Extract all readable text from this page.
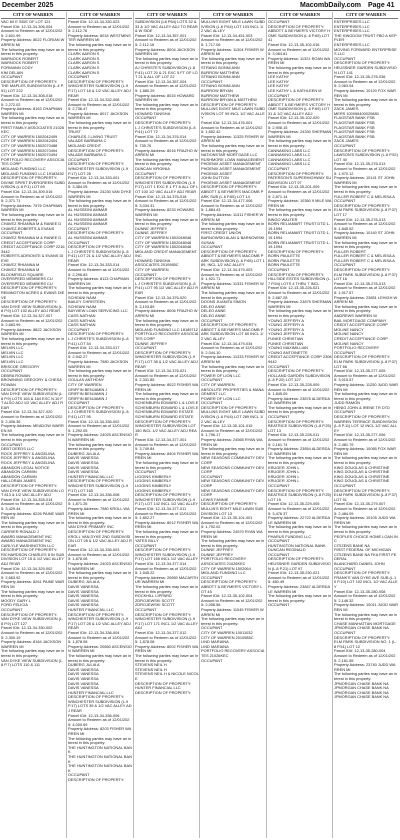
December 2025	MacombDaily.com Page 41
CITY OF WARREN
VAC 60 E SIDE OF LOT 121
Parcel ID#: 12-13-34-306-004
Amount to Redeem as of 12/01/2025: 2,601.99
Property Address: 8022 FLORIAN WARREN MI
The following parties may have an interest in this property:
WARNOCK ROBERT
WARNOCK ROBERT
FORMANN CODY
KIM DELAIN
OCCUPANT
DESCRIPTION OF PROPERTY:
THE MAPLES SUBDIVISION (L.4 P.51) LOT 222
Parcel ID#: 12-13-34-308-018
Amount to Redeem as of 12/01/2025: 2,272.02
Property Address: 8163 CHAPMAN WARREN MI
The following parties may have an interest in this property:
FIRST FAMILY ASSOCIATES 21026KEC
CITY OF WARREN 1502042409
CITY OF WARREN 1502042404
CITY OF WARREN 1502070488
CITY OF WARREN 1502070494
CITY OF WARREN 1502070494
PORTFOLIO RECOVERY ASSOCIATES CORP
MIDLAND FUNDING LLC
MIDLAND FUNDING LLC 19183452
DESCRIPTION OF PROPERTY:
DIVINE SPIRIT EVERGREEN SUBDIVISION (L.6 P.1) LOT 69
Parcel ID#: 12-13-34-309-016
Amount to Redeem as of 12/01/2025: 2,371.71
Property Address: 7976 CHAPMAN WARREN MI
The following parties may have an interest in this property:
CHAVEZ RHIANNA M & RANEE D CHAVEZ-ROBERTS & EVANS
OCCUPANT
CHAVEZ RHIANNA M & RANEE D CREDIT ACCEPTANCE CORP
CREDIT ACCEPTANCE CORP 22163442
ROBERTS ADRIONTE & EVANS DIEVE
CHAVEZ RHIANNA M
CHAVEZ RHIANNA M
BLOOMFIELD SQUARE
OVERSPEED MEMBERS CU
OVERSPEED MEMBERS CU
DESCRIPTION OF PROPERTY:
REMINGTON ACRES & EVANS DIEVE
DESCRIPTION OF PROPERTY:
VAN DYKE VIEW SUBDIVISION (L.8 P.9) LOT 102 ALLEY ADJ REAR
Parcel ID#: 12-13-34-327-007
Amount to Redeem as of 12/01/2025: 2,683.99
Property Address: 8822 JACKSON WARREN MI
The following parties may have an interest in this property:
MELVIN LLC
MELVIN LLC
MELVIN LLC
MELVIN LLC
BRISCOE GREGORY
OCCUPANT
DEBRA ROWAN
BROWNING GREGORY & CHESA
ROWAN
DESCRIPTION OF PROPERTY:
VAN DYKE VIEW SUBDIVISION (L.8 P.9) LOTS 163 & 164 EXC N.10 FT ALSO ADJ 1/2 VAC ALLEY ADJ REAR
Parcel ID#: 12-13-34-327-020
Amount to Redeem as of 12/01/2025: 2,406.36
Property Address: MEADOW WARREN MI
The following parties may have an interest in this property:
OCCUPANT
DEBT DEEDS LLC
ROCK JEFFREY & ANGELINA
ROCK JEFFREY & ANGELINA
ROCK JEFFREY & ANGELINA
ABANDON LEGAL NOTICE
ABANDON CARMIN
ABANDON CARMIN
HALLORAN JAMES
DESCRIPTION OF PROPERTY:
VAN DYKE VIEW SUBDIVISION LOT 813 & 1/2 VAC ALLEY ADJ
Parcel ID#: 12-13-34-328-014
Amount to Redeem as of 12/01/2025: 3,429.44
Property Address: 8226 PAINE WARREN MI
The following parties may have an interest in this property:
CARRIER RONALD J
AWARD MANAGEMENT INC
AWARD MANAGEMENT INC
CARLYLE WASHINGTON LLC
DESCRIPTION OF PROPERTY:
RICHARDSON CHARLES 8 IN SUBDIVISION LOT 15 & 1/2 VAC ALLEY ADJ REAR
Parcel ID#: 12-13-34-329-002
Amount to Redeem as of 12/01/2025: 2,663.92
Property Address: 8261 PAINE WARREN MI
The following parties may have an interest in this property:
MOODY GARY L
FORD FELICIA
OCCUPANT
DESCRIPTION OF PROPERTY:
VAN DYKE VIEW SUBDIVISION (L.8 P.9) LOT 127
Parcel ID#: 12-13-34-330-002
Amount to Redeem as of 12/01/2025: 2,300.19
Property Address: 8164 JACKSON WARREN MI
The following parties may have an interest in this property:
VAN DYKE VIEW SUBDIVISION (L.8 P.7) LOTS 110 & 111
CITY OF WARREN
Parcel ID#: 12-13-34-330-023
Amount to Redeem as of 12/01/2025: 2,112.76
Property Address: 8034 WESTMINSTER WARREN MI
The following parties may have an interest in this property:
CLARK AARON S
CLARK AARON S
CLARK AARON S
CLARK AARON S
CLARK AARON S
OCCUPANT
DESCRIPTION OF PROPERTY:
WINCHESTER SUBDIVISION (L.9 P.17) LOT 18 & 1/2 VAC ALLEY ADJ REAR
Parcel ID#: 12-13-34-332-008
Amount to Redeem as of 12/01/2025: 2,736.47
Property Address: 8017 JACKSON WARREN MI
The following parties may have an interest in this property:
TRUST
CHARLES J LIVING TRUST
VALADE BARBARA C
MIDLAND CREDIT
DESCRIPTION OF PROPERTY:
VALADE BARBARA C
OCCUPANT
DESCRIPTION OF PROPERTY:
WINCHESTER SUBDIVISION (L.9 P.17) LOT 28
Parcel ID#: 12-13-34-333-001
Amount to Redeem as of 12/01/2025: 3,384.05
Property Address: 24230 VAN DYKE WARREN MI
The following parties may have an interest in this property:
AL HUSSEINI AMMAR
AL HUSSEINI AMMAR
AL HUSSEINI AMMAR
AL HUSSEINI AMMAR
OCCUPANT
DESCRIPTION OF PROPERTY:
AL HUSSEINI AMMAR
OCCUPANT
DESCRIPTION OF PROPERTY:
L J CHRISTE'S SUBDIVISION (L.8 P.41) LOT 21 & 1/2 VAC ALLEY ADJ REAR
Parcel ID#: 12-13-34-333-014
Amount to Redeem as of 12/01/2025: 2,296.83
Property Address: 8113 CHAPMAN WARREN MI
The following parties may have an interest in this property:
SCHEANI NAIM
BAILEY CHRISTEEN
SCHEANI NAIM
BAYVIEW LOAN SERVICING LLC
CASS NATHAN
CASS NATHAN
CASS NATHAN
OCCUPANT
DESCRIPTION OF PROPERTY:
L J CHRISTE'S SUBDIVISION (L.8 P.41) LOT 54
Parcel ID#: 12-13-34-333-017
Amount to Redeem as of 12/01/2025: 2,942.27
Property Address: 7980 JACKSON WARREN MI
The following parties may have an interest in this property:
GOULAS ANTHONY
CITY OF WARREN
GRIFFIN BENJAMIN J
GRIFFIN BENJAMIN J
GRIFFIN BENJAMIN J
OCCUPANT
DESCRIPTION OF PROPERTY:
L J CHRISTE'S SUBDIVISION (L.8 P.41) LOT 95
Parcel ID#: 12-13-34-336-002
Amount to Redeem as of 12/01/2025: 1,292.05
Property Address: 24025 ASCENSION WARREN MI
The following parties may have an interest in this property:
DUBERG JULIA A
DAVIS VANESSA
DAVIS VANESSA
DAVIS VANESSA
DAVIS VANESSA
HUNTER FINANCIAL LLC
DESCRIPTION OF PROPERTY:
WINCHESTER SUBDIVISION (L.9 P.17) LOT 165
Parcel ID#: 12-13-34-336-008
Amount to Redeem as of 12/01/2025: 1,871.26
Property Address: 7980 KROLL WARREN MI
The following parties may have an interest in this property:
VAN DYKE PRIMARY INC
DESCRIPTION OF PROPERTY:
KROLL VAN DYKE 2ND SUBDIVISION LOT 28 & 1/2 VAC ALLEY ADJ REAR
Parcel ID#: 12-13-34-336-003
Amount to Redeem as of 12/01/2025: 1,878.08
Property Address: 24023 ASCENSION WARREN MI
The following parties may have an interest in this property:
DUBERG JULIA A
DAVIS VANESSA
DAVIS VANESSA
DAVIS VANESSA
DAVIS VANESSA
DAVIS VANESSA
HUNTER FINANCIAL LLC
DESCRIPTION OF PROPERTY:
WINCHESTER SUBDIVISION (L.9 P.17) LOT 28 & 1/2 VAC ALLEY ADJ REAR
Parcel ID#: 12-13-34-336-004
Amount to Redeem as of 12/01/2025: 1,878.08
Property Address: 20650 ASCENSION WARREN MI
The following parties may have an interest in this property:
DUBERG JULIA A
DAVIS VANESSA
DAVIS VANESSA
DAVIS VANESSA
DAVIS VANESSA
DAVIS VANESSA
HUNTER FINANCIAL LLC
DESCRIPTION OF PROPERTY:
WINCHESTER SUBDIVISION (L.9 P.17) LOTS 39 & 1/2 VAC ALLEY ADJ REAR
Parcel ID#: 12-13-34-336-006
Amount to Redeem as of 12/01/2025: 4,000.69
Property Address: 8203 FISHER WARREN MI
The following parties may have an interest in this property:
THE HUNTINGTON NATIONAL BANK
THE HUNTINGTON NATIONAL BANK
THE HUNTINGTON NATIONAL BANK
OCCUPANT
DESCRIPTION OF PROPERTY:
CITY OF WARREN
SUBDIVISION (L8 P64) LOTS 32 & 33 & 1/2 VAC ALLEY ADJ TO REAR & W SIDE
Parcel ID#: 12-13-34-357-001
Amount to Redeem as of 12/01/2025: 2,112.16
Property Address: 8004 JACKSON WARREN MI
The following parties may have an interest in this property:
AJ CHRISTE'S SUBDIVISION (L.8 P.41) LOT 20 & 21 EXC 5 FT OF LOT 21 & ALL OF LOT 22
Parcel ID#: 12-13-34-357-004
Amount to Redeem as of 12/01/2025: 1,880.29
Property Address: 8015 HOWARD WARREN MI
The following parties may have an interest in this property:
HOWARD TANISHA
OCCUPANT
DESCRIPTION OF PROPERTY:
L J CHRISTE'S SUBDIVISION (L.8 P.41) LOT 72
Parcel ID#: 12-13-34-376-014
Amount to Redeem as of 12/01/2025: 735.76
Property Address: 8016 FRAZHO WARREN MI
The following parties may have an interest in this property:
DUNCAN VIRGINIA
OCCUPANT
DESCRIPTION OF PROPERTY:
WINCHESTER SUBDIVISION (L.9 P.17) LOT 1 EXC E 1 FT & ALL OF LOT 100 1/2 VAC ALLEY ADJ REAR
Parcel ID#: 12-13-34-376-018
Amount to Redeem as of 12/01/2025: 3,034.31
Property Address: 8233 HOWARD WARREN MI
The following parties may have an interest in this property:
DUNNE JEFFREY
DUNNE JEFFREY
CITY OF WARREN 1502048048
CITY OF WARREN 1502048048
CITY OF WARREN 1502048048
MIDLAND CREDIT MANAGEMENT INC
HOWARD TANISHA
ASSOCIATES 2010985C
CITY OF WARREN
OCCUPANT
DESCRIPTION OF PROPERTY:
L J CHRISTE'S SUBDIVISION (L.8 P.41) LOT 95 1/2 VAC ALLEY ADJ REAR
Parcel ID#: 12-13-34-376-020
Amount to Redeem as of 12/01/2025: 3,103.89
Property Address: 8006 FRAZHO WARREN MI
The following parties may have an interest in this property:
MIDLAND FUNDING LLC 18189712
PORTFOLIO RECOVERY ASSOCIATES CORP
DUNNE JEFFREY
OCCUPANT
DESCRIPTION OF PROPERTY:
WINCHESTER SUBDIVISION (L.9 P.17) LOT 38 & 1/2 VAC ALLEY ADJ REAR
Parcel ID#: 12-13-34-376-021
Amount to Redeem as of 12/01/2025: 2,331.85
Property Address: 8022 FISHER WARREN MI
The following parties may have an interest in this property:
SCHENBURN EDWARD L & LOIS E
SCHENBURN EDWARD L & LOIS E
SCHENBURN EDWARD ESTATE
SCHENBURN EDWARD ESTATE
DESCRIPTION OF PROPERTY:
WINCHESTER SUBDIVISION LOT 150 INCL 1/2 VAC ALLEY ADJ REAR
Parcel ID#: 12-13-34-377-001
Amount to Redeem as of 12/01/2025: 3,749.84
Property Address: 8404 FISHER WARREN MI
The following parties may have an interest in this property:
OCCUPANT
LIGGINS KIMBERLY
LIGGINS KIMBERLY
LIGGINS KIMBERLY
LIGGINS KIMBERLY
DESCRIPTION OF PROPERTY:
WINCHESTER SUBDIVISION (L.9 P.17) LOT 142 INCL 1/2 VAC ALLEY
Parcel ID#: 12-13-34-377-011
Amount to Redeem as of 12/01/2025: 1,802.27
Property Address: 8012 FISHER WARREN MI
The following parties may have an interest in this property:
YATES BILLY
OCCUPANT
DESCRIPTION OF PROPERTY:
WINCHESTER SUBDIVISION (L.9 P.17) LOT 165 INCL 1/2 VAC ALLEY
Parcel ID#: 12-13-34-377-014
Amount to Redeem as of 12/01/2025: 1,545.22
Property Address: 20650 MACARTHUR WARREN MI
The following parties may have an interest in this property:
ROCKHILL LIPPARD
ZDROJEWSKI SCOTT
ZDROJEWSKI SCOTT
OCCUPANT
DESCRIPTION OF PROPERTY:
WINCHESTER SUBDIVISION (L.9 P.17) LOT 171 INCL 1/2 VAC ALLEY ADJ
Parcel ID#: 12-13-34-377-012
Amount to Redeem as of 12/01/2025: 1,878.08
Property Address: 8002 FISHER WARREN MI
The following parties may have an interest in this property:
STEVENS NEIL H
STEVENS NEIL H
STEVENS NEIL H & NICOLE NICOLE
DESCRIPTION OF PROPERTY:
HUNTER FINANCIAL LLC
DESCRIPTION OF PROPERTY:
CITY OF WARREN
MULLINS EIGHT MILE LAWN SUBDIVISION (L.6 P.64) LOT 103 INCL 1/2 VAC ALLEY
Parcel ID#: 12-13-34-451-003
Amount to Redeem as of 12/01/2025: 1,717.06
Property Address: 11304 FISHER WARREN MI
The following parties may have an interest in this property:
STRANG BONNI ANN
BURROW MATTHEW
STRANG BONNI ANN
OCCUPANT
STRANG BONNI ANN
BURROW BRYAN
BURROW MATTHEW
BURROW BRYAN & MATTHEW
DESCRIPTION OF PROPERTY:
MULLINS EIGHT MILE LAWN SUBDIVISION LOT 99 INCL 1/2 VAC ALLEY
Parcel ID#: 12-13-34-476-001
Amount to Redeem as of 12/01/2025: 1,652.42
Property Address: 11325 FISHER WARREN MI
The following parties may have an interest in this property:
NATIONSTAR MORTGAGE LLC
RUSHMORE LOAN MANAGEMENT
PHOENIX ASSET MANAGEMENT
PHOENIX ASSET MANAGEMENT
PHOENIX ASSET
JOHN DUTTON
PHOENIX ASSET MANAGEMENT
DESCRIPTION OF PROPERTY:
ABBOTT & BEYMER'S MACOMB PARK SUB (L.6 P.65) LOT 14
Parcel ID#: 12-13-34-477-006
Amount to Redeem as of 12/01/2025: 1,884.43
Property Address: 11311 FISHER WARREN MI
The following parties may have an interest in this property:
FIRST CREDIT UNION
BARNOWSKI ALAN & BARNOWSKI SUSAN
OCCUPANT
DESCRIPTION OF PROPERTY:
ABBOTT & BEYMER'S MACOMB PARK SUBDIVISION (L.6 P.65) LOT 189, INCL 1/2 VAC ALLEY
Parcel ID#: 12-13-34-479-003
Amount to Redeem as of 12/01/2025: 1,921.71
Property Address: 11331 FISHER WARREN MI
The following parties may have an interest in this property:
DOONS JUANITA SIMON
DELEO ANNE
DELEO ANNE
DELEO ANNE
OCCUPANT
DESCRIPTION OF PROPERTY:
ABBOTT & BEYMER'S MACOMB PARK SUBDIVISION LOT 60 INCL 1/2 VAC ALLEY
Parcel ID#: 12-13-34-479-034
Amount to Redeem as of 12/01/2025: 2,044.10
Property Address: 11333 FISHER WARREN MI
The following parties may have an interest in this property:
POWER OF LION LLC
OCCUPANT
CITY OF WARREN
ABSOLUTE PROPERTIES & MANAGEMENT LLC
POWER OF LION LLC
OCCUPANT
DESCRIPTION OF PROPERTY:
MULLINS EIGHT MILE LAWN SUBDIVISION (L.6 P.64) LOT 289 INCL 1/2 VAC ALLEY
Parcel ID#: 12-13-35-101-015
Amount to Redeem as of 12/01/2025: 1,796.17
Property Address: 24565 RYAN WARREN MI
The following parties may have an interest in this property:
NEW SEASONS COMMUNITY DEV CORP
NEW SEASONS COMMUNITY DEV CORP
OCCUPANT
NEW SEASONS COMMUNITY DEV CORP
NEW SEASONS COMMUNITY DEV CORP
LEWIS FANNIE
DESCRIPTION OF PROPERTY:
MULLIN'S EIGHT MILE LAWN SUBDIVISION LOT 13
Parcel ID#: 12-13-35-101-001
Amount to Redeem as of 12/01/2025: 1,792.02
Property Address: 24570 RYAN WARREN MI
The following parties may have an interest in this property:
DUNNE JEFFREY
DUNNE JEFFREY
PORTFOLIO RECOVERY
ASSOCIATES 21026KEC
CITY OF WARREN 1502064
MIDLAND FUNDING LLC
OCCUPANT
DESCRIPTION OF PROPERTY:
ABBOTT & BEYMER'S VICTORY LOT 45
Parcel ID#: 12-13-35-102-004
Amount to Redeem as of 12/01/2025: 2,058.56
Property Address: 11045 FISHER WARREN MI
The following parties may have an interest in this property:
OCCUPANT
CITY OF WARREN 10011032
CITY OF WARREN 2010985C
LIND MARIANA
LIND MARIANA
PORTFOLIO RECOVERY ASSOCIATES 21026KEC
OCCUPANT
CITY OF WARREN
OCCUPANT
DESCRIPTION OF PROPERTY:
ABBOTT & BEYMER'S VICTORY HOME SUBDIVISION (L.6 P.65) LOT 41
Parcel ID#: 12-13-35-102-016
Amount to Redeem as of 12/01/2025: 3,064.81
Property Address: 11321 ROAN WARREN MI
The following parties may have an interest in this property:
LEE KATHY
LEE KATHY
LEE KATHY
LEE KATHY L & KATHLEEN M
OCCUPANT
DESCRIPTION OF PROPERTY:
ABBOTT & BEYMER'S VICTORY HOME SUBDIVISION (L.6 P.65) LOT 31 & 1/2 VAC ALLEY ADJ
Parcel ID#: 12-13-35-102-020
Amount to Redeem as of 12/01/2025: 2,908.15
Property Address: 24330 SHERMAN WARREN MI
The following parties may have an interest in this property:
CANNAKING LABS LLC
CANNAKING LABS LLC
CANNAKING LABS LLC
CANNAKING LABS LLC
OCCUPANT
DESCRIPTION OF PROPERTY:
PATERSON'S SUPERHIGHWAY SUBDIVISION LOT 97
Parcel ID#: 12-13-35-201-009
Amount to Redeem as of 12/01/2025: 2,871.14
Property Address: 10360 9 MILE WARREN MI
The following parties may have an interest in this property:
BINGO WALTER
BORN RELIAMART TRUST DTD 1-19-1994
BORN RELIAMART TRUST DTD 1-19-1994
BORN RELIAMART TRUST DTD 1-19-1994
DESCRIPTION OF PROPERTY:
BORN PAULETTE
BORN PAULETTE
BORN PAULETTE
OCCUPANT
DESCRIPTION OF PROPERTY:
HILLSIDE ESTES SUBDIVISION (L.7 P.54) LOTS 4 THRU 7 INCL
Parcel ID#: 12-13-35-226-021
Amount to Redeem as of 12/01/2025: 2,687.28
Property Address: 23875 SHERMAN WARREN MI
The following parties may have an interest in this property:
YOUNG JEFFERY A
YOUNG JEFFERY A
YOUNG JEFFERY A
YOUNG JEFFERY A
FUNKE CHRISTIAN
FUNKE CHRISTIAN
YOUNG MAXIMILLIAN
YOUNG ANTOINETTE
CREDIT ACCEPTANCE CORP 23089442
OCCUPANT
DESCRIPTION OF PROPERTY:
HOLLAND GARDEN SUBDIVISION (L.8 P.20) LOT 127
Parcel ID#: 12-13-35-228-009
Amount to Redeem as of 12/01/2025: 1,845.09
Property Address: 23876 ALDERDALE WARREN MI
The following parties may have an interest in this property:
OCCUPANT
DESCRIPTION OF PROPERTY:
BEATRICE SUBDIVISION (L.8 P.25) LOT 13
Parcel ID#: 12-13-35-228-011
Amount to Redeem as of 12/01/2025: 2,161.74
Property Address: 23854 ALDERDALE WARREN MI
The following parties may have an interest in this property:
KRUGER JOHN L
KRUGER JOHN L
KRUGER JOHN L
KRUGER JOHN L
OCCUPANT
DESCRIPTION OF PROPERTY:
BEATRICE SUBDIVISION (L.8 P.25) LOT 15
Parcel ID#: 12-13-35-229-005
Amount to Redeem as of 12/01/2025: 3,476.37
Property Address: 22722 ALDERDALE WARREN MI
The following parties may have an interest in this property:
PHARUS FUNDING LLC
OCCUPANT
HUNTINGTON NATIONAL BANK
DUNCAN REGINALD
OCCUPANT
DESCRIPTION OF PROPERTY:
HEUSSNER GARDEN SUBDIVISION (L.8 P.21) LOT 97
Parcel ID#: 12-13-35-230-021
Amount to Redeem as of 12/01/2025: 480.49
Property Address: 23847 ALDERDALE WARREN MI
The following parties may have an interest in this property:
OCCUPANT
CITY OF WARREN
ENTERPRISES LLC
ENTERPRISES LLC
ENTERPRISES LLC
THE KINGDOM TRUST FBO A KEPPLER
ENTERPRISES LLC
MOVING FORWARD ENTERPRISES LLC
OCCUPANT
DESCRIPTION OF PROPERTY:
HEUSSNER GARDEN SUBDIVISION LOT 141
Parcel ID#: 12-13-35-276-036
Amount to Redeem as of 12/01/2025: 2,063.94
Property Address: 10120 FOX WARREN MI
The following parties may have an interest in this property:
ZACK JAMES
MERS 100056400020880
FLAGSTAR BANK FSB
FLAGSTAR BANK FSB
FLAGSTAR BANK FSB
FLAGSTAR BANK FSB
FLAGSTAR BANK FSB
ZACK JAMES
OCCUPANT
DESCRIPTION OF PROPERTY:
LAWSON'S SUBDIVISION (L.8 P.52) LOT 40
Parcel ID#: 12-13-35-276-013
Amount to Redeem as of 12/01/2025: 1,970.12
Property Address: 10141 ST JOHN WARREN MI
The following parties may have an interest in this property:
FULLER ROBERT C & MELISSA A
OCCUPANT
DESCRIPTION OF PROPERTY:
ELM PARK SUBDIVISION (L.8 P.37) LOT 17
Parcel ID#: 12-13-35-276-013
Amount to Redeem as of 12/01/2025: 1,845.52
Property Address: 10140 ST JOHN WARREN MI
The following parties may have an interest in this property:
FULLER ROBERT
FULLER ROBERT C & MELISSA A
FULLER ROBERT C & MELISSA A
OCCUPANT
DESCRIPTION OF PROPERTY:
ELM PARK SUBDIVISION (L.8 P.37) LOT 16
Parcel ID#: 12-13-35-276-013
Amount to Redeem as of 12/01/2025: 1,517.57
Property Address: 23851 LEHIGH WARREN MI
The following parties may have an interest in this property:
ANDREWS WARREN W
BAIL MORTGAGE COMPANY
CREDIT ACCEPTANCE CORP
MOLINE NANCY
MOLINE NANCY
CREDIT ACCEPTANCE CORP
MOLINE NANCY
PORTFOLIO RECOVERY
OCCUPANT
DESCRIPTION OF PROPERTY:
ELM PARK SUBDIVISION (L.8 P.37) LOT 66
Parcel ID#: 12-13-35-277-005
Amount to Redeem as of 12/01/2025: 3,015.57
Property Address: 11250 JUDD WARREN MI
The following parties may have an interest in this property:
JUDD RAMON
HENIG JOHN & IRENE TR DTD
OCCUPANT
DESCRIPTION OF PROPERTY:
WARREN TERRACE SUBDIVISION (L.8 P.11) LOT 12 INCL 1/2 VAC ALLEY
Parcel ID#: 12-13-35-277-006
Amount to Redeem as of 12/01/2025: 2,481.79
Property Address: 10085 FOX WARREN MI
The following parties may have an interest in this property:
KING DOUGLAS & CHRISTINE
KING DOUGLAS & CHRISTINE
KING DOUGLAS & CHRISTINE
KING DOUGLAS & CHRISTINE
OCCUPANT
DESCRIPTION OF PROPERTY:
ELM PARK SUBDIVISION (L.8 P.37) LOT 91
Parcel ID#: 12-13-35-279-007
Amount to Redeem as of 12/01/2025: 2,484.09
Property Address: 10105 JUDD WARREN MI
The following parties may have an interest in this property:
PEOPLES CHOICE HOME LOAN INC
CITIZENS BANK NA
FIRST FEDERAL OF MICHIGAN
CITIZENS BANK NA FKA FIRST FEDERAL
BLANCHARD DANIEL JOHN
OCCUPANT
DESCRIPTION OF PROPERTY:
FRANK'S VAN DYKE AVE SUB (L.10 P.10) LOT 102 INCL 1/2 VAC ALLEY
Parcel ID#: 12-13-35-280-008
Amount to Redeem as of 12/01/2025: 2,146.32
Property Address: 10011 JUDD WARREN MI
The following parties may have an interest in this property:
CHASE MANHATTAN MORTGAGE
JPMORGAN CHASE BANK NA
OCCUPANT
DESCRIPTION OF PROPERTY:
ELM PARK SUBDIVISION NO. 1 (L.8 P.51) LOT 12
Parcel ID#: 12-13-35-280-004
Amount to Redeem as of 12/01/2025: 2,161.55
Property Address: 23740 JUDD WARREN MI
The following parties may have an interest in this property:
JPMORGAN CHASE BANK NA
JPMORGAN CHASE BANK NA
JPMORGAN CHASE BANK NA
JPMORGAN CHASE BANK NA
